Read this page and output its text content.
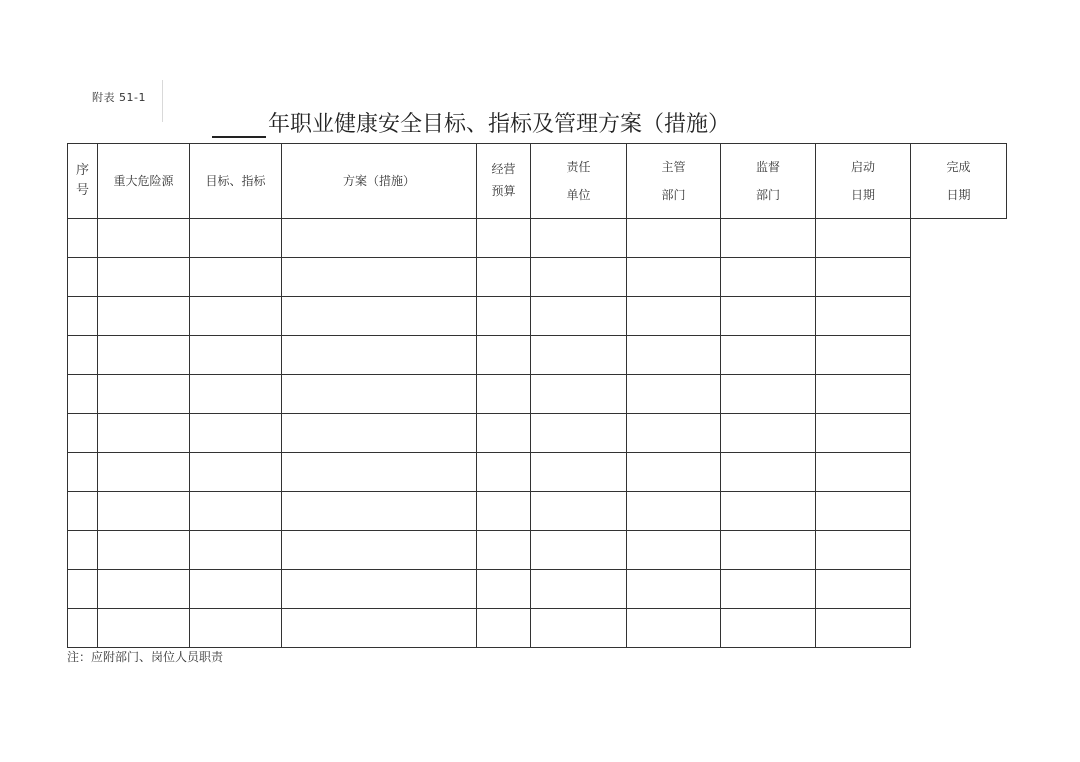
附表 51-1
年职业健康安全目标、指标及管理方案（措施）
序
号	重大危险源	目标、指标	方案（措施）	经营
预算	责任
单位	主管
部门	监督
部门	启动
日期	完成
日期

注：应附部门、岗位人员职责
